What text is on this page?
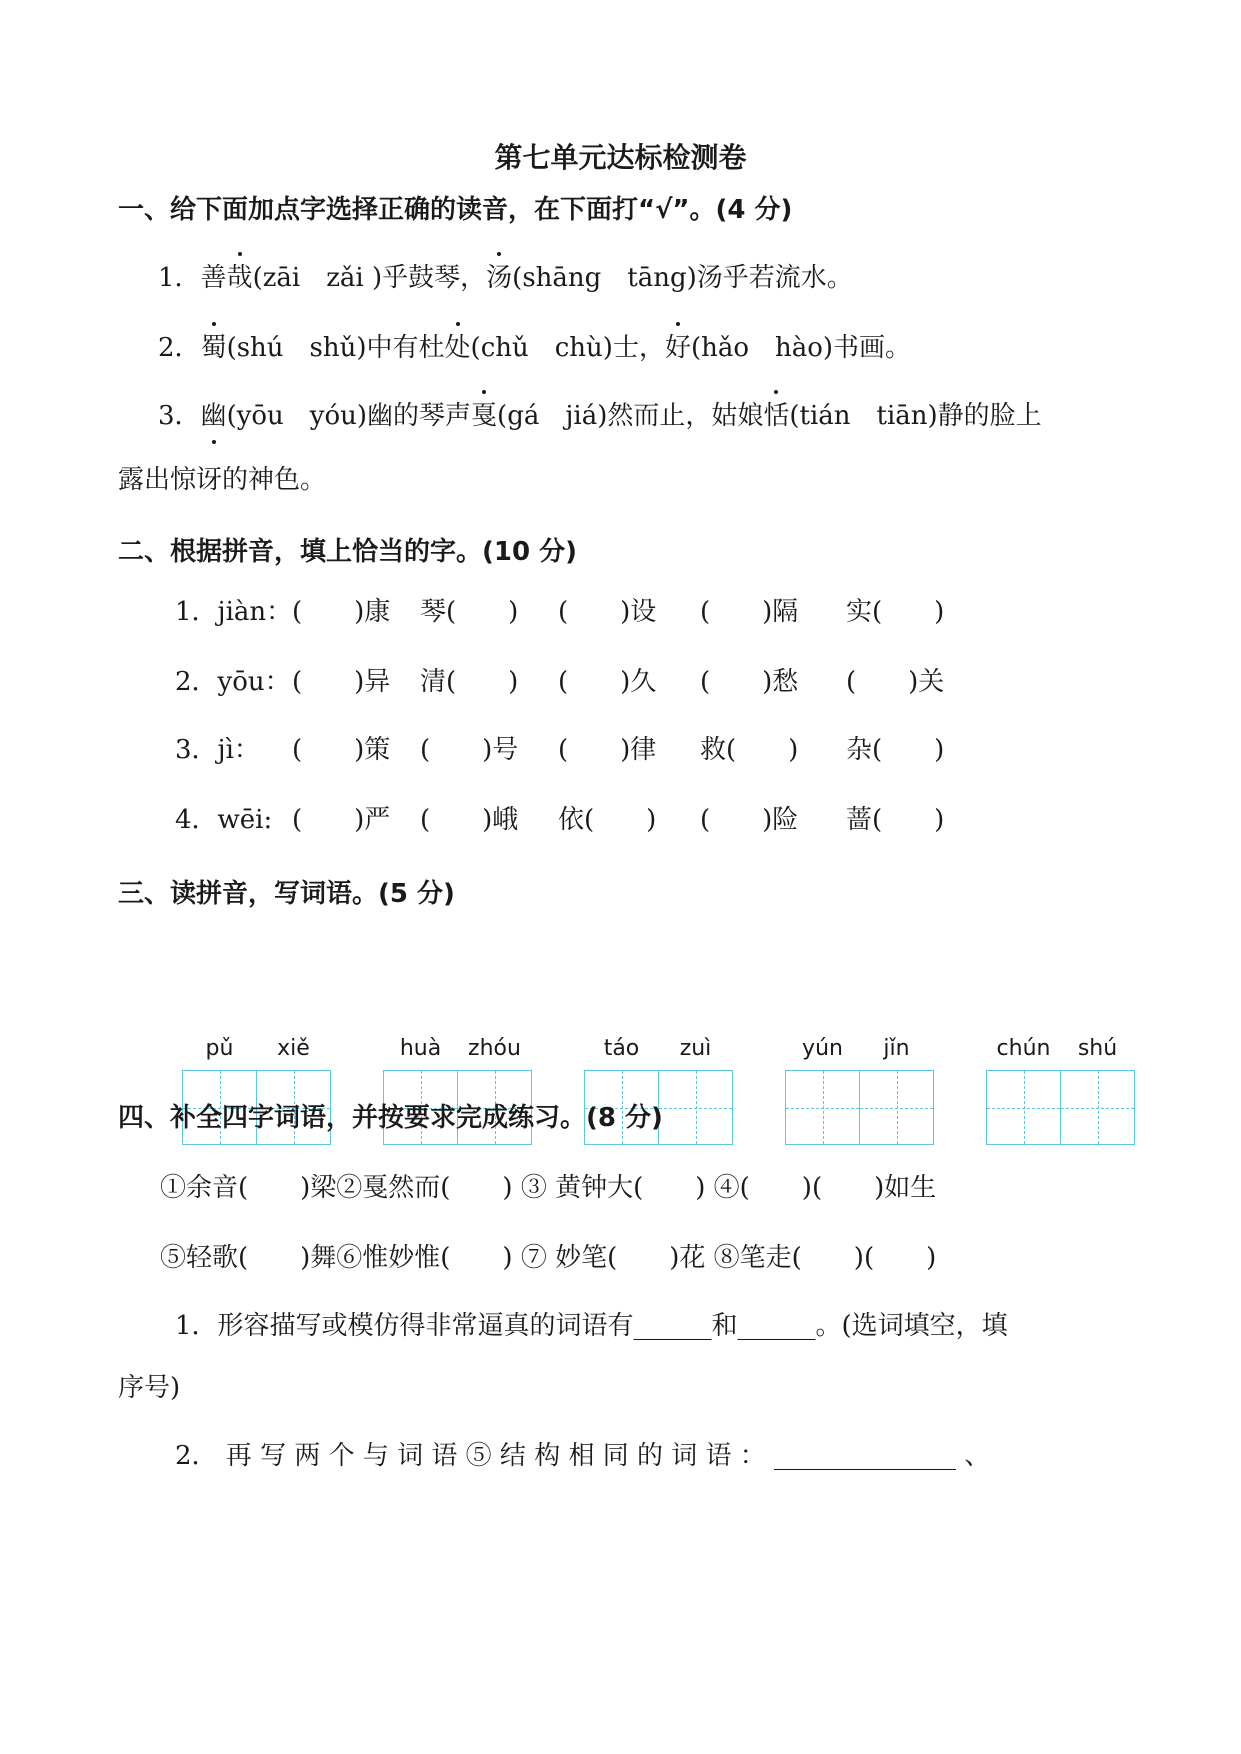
第七单元达标检测卷
一、给下面加点字选择正确的读音，在下面打“√”。(4 分)
1．善哉(zāi　zǎi )乎鼓琴，汤(shāng　tāng)汤乎若流水。
2．蜀(shú　shǔ)中有杜处(chǔ　chù)士，好(hǎo　hào)书画。
3．幽(yōu　yóu)幽的琴声戛(gá　jiá)然而止，姑娘恬(tián　tiān)静的脸上
露出惊讶的神色。
二、根据拼音，填上恰当的字。(10 分)
1．jiàn： (　　)康 琴(　　) (　　)设 (　　)隔 实(　　)
2．yōu： (　　)异 清(　　) (　　)久 (　　)愁 (　　)关
3．jì： (　　)策 (　　)号 (　　)律 救(　　) 杂(　　)
4．wēi: (　　)严 (　　)峨 依(　　) (　　)险 蔷(　　)
三、读拼音，写词语。(5 分)
pǔ	xiě	huà	zhóu	táo	zuì	yún	jǐn	chún	shú
四、补全四字词语，并按要求完成练习。(8 分)
①余音(　　)梁②戛然而(　　) ③ 黄钟大(　　) ④(　　)(　　)如生
⑤轻歌(　　)舞⑥惟妙惟(　　) ⑦ 妙笔(　　)花 ⑧笔走(　　)(　　)
1．形容描写或模仿得非常逼真的词语有______和______。(选词填空，填
序号)
2． 再 写 两 个 与 词 语 ⑤ 结 构 相 同 的 词 语 ： ______________ 、
